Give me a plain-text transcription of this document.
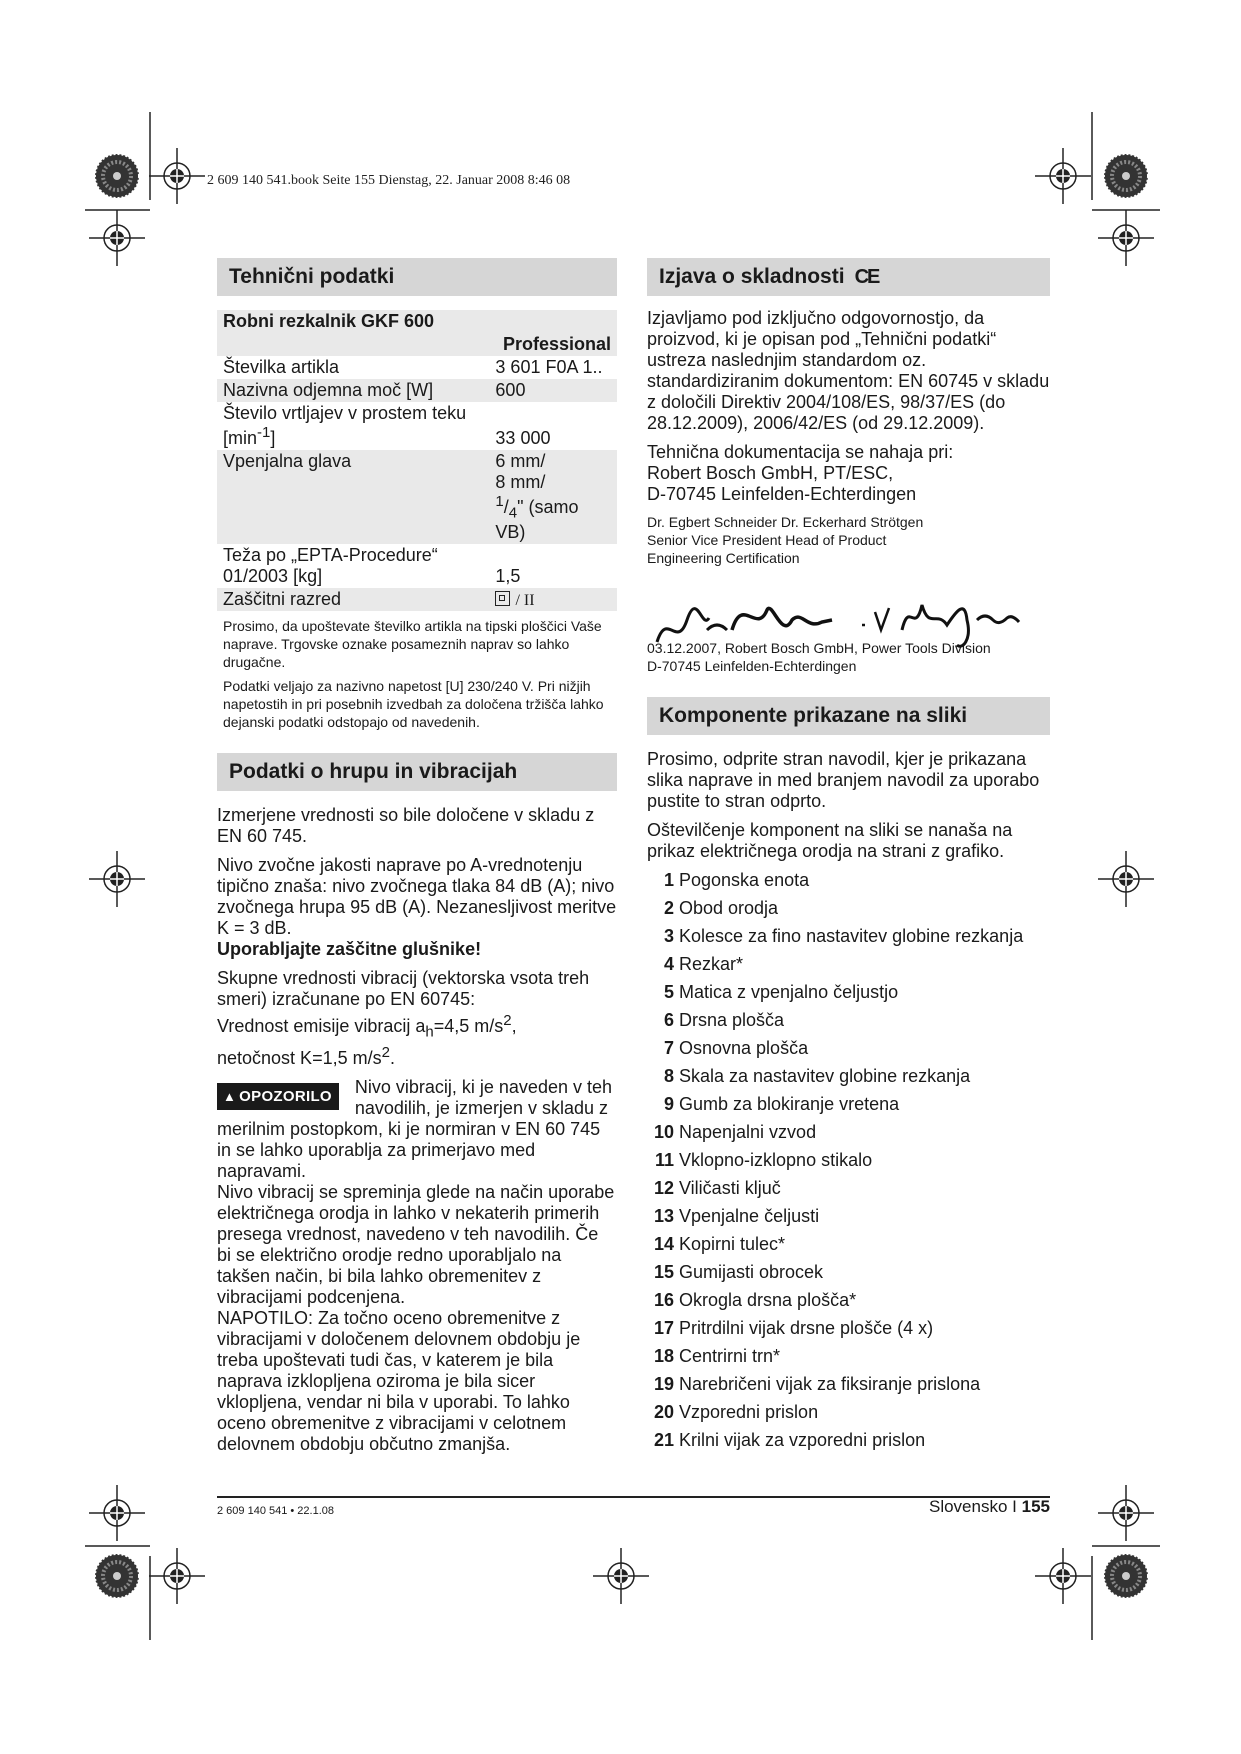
2 609 140 541.book Seite 155 Dienstag, 22. Januar 2008 8:46 08
Tehnični podatki
Robni rezkalnik GKF 600	
	Professional
Številka artikla	3 601 F0A 1..
Nazivna odjemna moč [W]	600
Število vrtljajev v prostem teku $[\min^{-1}]$	33 000
Vpenjalna glava	6 mm/
8 mm/
$^1/_4$" (samo VB)
Teža po „EPTA-Procedure“ 01/2003 [kg]	1,5
Zaščitni razred	/ II
Prosimo, da upoštevate številko artikla na tipski ploščici Vaše naprave. Trgovske oznake posameznih naprav so lahko drugačne.
Podatki veljajo za nazivno napetost [U] 230/240 V. Pri nižjih napetostih in pri posebnih izvedbah za določena tržišča lahko dejanski podatki odstopajo od navedenih.
Podatki o hrupu in vibracijah

Izmerjene vrednosti so bile določene v skladu z EN 60 745.

Nivo zvočne jakosti naprave po A-vrednotenju tipično znaša: nivo zvočnega tlaka 84 dB (A); nivo zvočnega hrupa 95 dB (A). Nezanesljivost meritve K = 3 dB.

Uporabljajte zaščitne glušnike!

Skupne vrednosti vibracij (vektorska vsota treh smeri) izračunane po EN 60745:
Vrednost emisije vibracij $a_h=4,5$ $m/s^2$,
netočnost K=1,5 $m/s^2$.

▲ OPOZORILO	Nivo vibracij, ki je naveden v teh navodilih, je izmerjen v skladu z merilnim postopkom, ki je normiran v EN 60 745 in se lahko uporablja za primerjavo med napravami.

Nivo vibracij se spreminja glede na način uporabe električnega orodja in lahko v nekaterih primerih presega vrednost, navedeno v teh navodilih. Če bi se električno orodje redno uporabljalo na takšen način, bi bila lahko obremenitev z vibracijami podcenjena.

NAPOTILO: Za točno oceno obremenitve z vibracijami v določenem delovnem obdobju je treba upoštevati tudi čas, v katerem je bila naprava izklopljena oziroma je bila sicer vklopljena, vendar ni bila v uporabi. To lahko oceno obremenitve z vibracijami v celotnem delovnem obdobju občutno zmanjša.

Izjava o skladnosti CE

Izjavljamo pod izključno odgovornostjo, da proizvod, ki je opisan pod „Tehnični podatki“ ustreza naslednjim standardom oz. standardiziranim dokumentom: EN 60745 v skladu z določili Direktiv 2004/108/ES, 98/37/ES (do 28.12.2009), 2006/42/ES (od 29.12.2009).

Tehnična dokumentacija se nahaja pri:
Robert Bosch GmbH, PT/ESC,
D-70745 Leinfelden-Echterdingen

Dr. Egbert Schneider Dr. Eckerhard Strötgen

Senior Vice President Head of Product

Engineering Certification

03.12.2007, Robert Bosch GmbH, Power Tools Division

D-70745 Leinfelden-Echterdingen

Komponente prikazane na sliki

Prosimo, odprite stran navodil, kjer je prikazana slika naprave in med branjem navodil za uporabo pustite to stran odprto.

Oštevilčenje komponent na sliki se nanaša na prikaz električnega orodja na strani z grafiko.

1 Pogonska enota
2 Obod orodja
3 Kolesce za fino nastavitev globine rezkanja
4 Rezkar*
5 Matica z vpenjalno čeljustjo
6 Drsna plošča
7 Osnovna plošča
8 Skala za nastavitev globine rezkanja
9 Gumb za blokiranje vretena
10 Napenjalni vzvod
11 Vklopno-izklopno stikalo
12 Viličasti ključ
13 Vpenjalne čeljusti
14 Kopirni tulec*
15 Gumijasti obrocek
16 Okrogla drsna plošča*
17 Pritrdilni vijak drsne plošče (4 x)
18 Centrirni trn*
19 Narebričeni vijak za fiksiranje prislona
20 Vzporedni prislon
21 Krilni vijak za vzporedni prislon
2 609 140 541 • 22.1.08	Slovensko I 155
